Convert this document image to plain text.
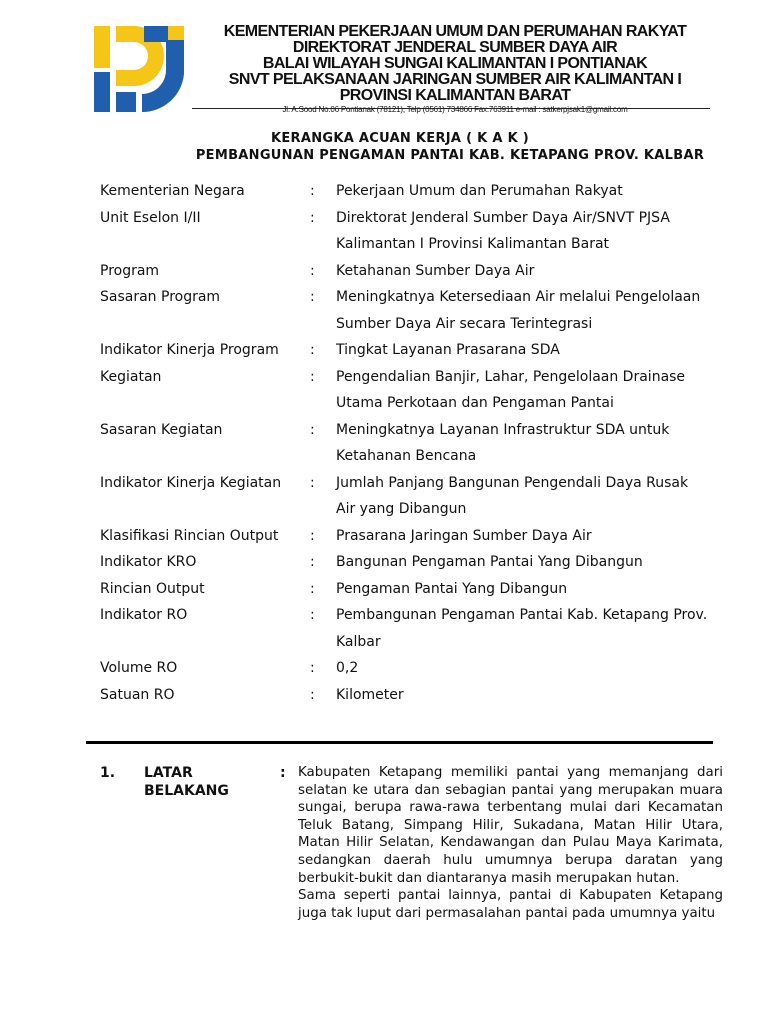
KEMENTERIAN PEKERJAAN UMUM DAN PERUMAHAN RAKYAT
DIREKTORAT JENDERAL SUMBER DAYA AIR
BALAI WILAYAH SUNGAI KALIMANTAN I PONTIANAK
SNVT PELAKSANAAN JARINGAN SUMBER AIR KALIMANTAN I
PROVINSI KALIMANTAN BARAT
Jl. A.Sood No.06 Pontianak (78121), Telp (0561) 734866 Fax.763911 e-mail : satkerpjsak1@gmail.com
KERANGKA ACUAN KERJA ( K A K )
PEMBANGUNAN PENGAMAN PANTAI KAB. KETAPANG PROV. KALBAR
Kementerian Negara	:	Pekerjaan Umum dan Perumahan Rakyat
Unit Eselon I/II	:	Direktorat Jenderal Sumber Daya Air/SNVT PJSA
Kalimantan I Provinsi Kalimantan Barat
Program	:	Ketahanan Sumber Daya Air
Sasaran Program	:	Meningkatnya Ketersediaan Air melalui Pengelolaan
Sumber Daya Air secara Terintegrasi
Indikator Kinerja Program	:	Tingkat Layanan Prasarana SDA
Kegiatan	:	Pengendalian Banjir, Lahar, Pengelolaan Drainase
Utama Perkotaan dan Pengaman Pantai
Sasaran Kegiatan	:	Meningkatnya Layanan Infrastruktur SDA untuk
Ketahanan Bencana
Indikator Kinerja Kegiatan	:	Jumlah Panjang Bangunan Pengendali Daya Rusak
Air yang Dibangun
Klasifikasi Rincian Output	:	Prasarana Jaringan Sumber Daya Air
Indikator KRO	:	Bangunan Pengaman Pantai Yang Dibangun
Rincian Output	:	Pengaman Pantai Yang Dibangun
Indikator RO	:	Pembangunan Pengaman Pantai Kab. Ketapang Prov.
Kalbar
Volume RO	:	0,2
Satuan RO	:	Kilometer
1. LATAR BELAKANG
: Kabupaten Ketapang memiliki pantai yang memanjang dari selatan ke utara dan sebagian pantai yang merupakan muara sungai, berupa rawa-rawa terbentang mulai dari Kecamatan Teluk Batang, Simpang Hilir, Sukadana, Matan Hilir Utara, Matan Hilir Selatan, Kendawangan dan Pulau Maya Karimata, sedangkan daerah hulu umumnya berupa daratan yang berbukit-bukit dan diantaranya masih merupakan hutan.

Sama seperti pantai lainnya, pantai di Kabupaten Ketapang juga tak luput dari permasalahan pantai pada umumnya yaitu
